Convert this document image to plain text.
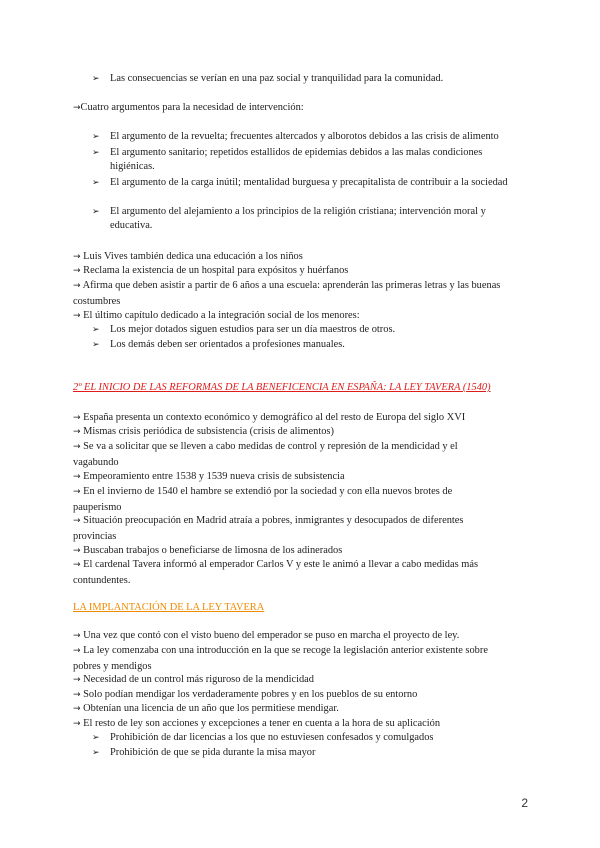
➢ Las consecuencias se verían en una paz social y tranquilidad para la comunidad.
→Cuatro argumentos para la necesidad de intervención:
➢ El argumento de la revuelta; frecuentes altercados y alborotos debidos a las crisis de alimento
➢ El argumento sanitario; repetidos estallidos de epidemias debidos a las malas condiciones higiénicas.
➢ El argumento de la carga inútil; mentalidad burguesa y precapitalista de contribuir a la sociedad
➢ El argumento del alejamiento a los principios de la religión cristiana; intervención moral y educativa.
→ Luis Vives también dedica una educación a los niños
→ Reclama la existencia de un hospital para expósitos y huérfanos
→ Afirma que deben asistir a partir de 6 años a una escuela: aprenderán las primeras letras y las buenas costumbres
→ El último capítulo dedicado a la integración social de los menores:
➢ Los mejor dotados siguen estudios para ser un día maestros de otros.
➢ Los demás deben ser orientados a profesiones manuales.
2º EL INICIO DE LAS REFORMAS DE LA BENEFICENCIA EN ESPAÑA: LA LEY TAVERA (1540)
→ España presenta un contexto económico y demográfico al del resto de Europa del siglo XVI
→ Mismas crisis periódica de subsistencia (crisis de alimentos)
→ Se va a solicitar que se lleven a cabo medidas de control y represión de la mendicidad y el vagabundo
→ Empeoramiento entre 1538 y 1539 nueva crisis de subsistencia
→ En el invierno de 1540 el hambre se extendió por la sociedad y con ella nuevos brotes de pauperismo
→ Situación preocupación en Madrid atraía a pobres, inmigrantes y desocupados de diferentes provincias
→ Buscaban trabajos o beneficiarse de limosna de los adinerados
→ El cardenal Tavera informó al emperador Carlos V y este le animó a llevar a cabo medidas más contundentes.
LA IMPLANTACIÓN DE LA LEY TAVERA
→ Una vez que contó con el visto bueno del emperador se puso en marcha el proyecto de ley.
→ La ley comenzaba con una introducción en la que se recoge la legislación anterior existente sobre pobres y mendigos
→ Necesidad de un control más riguroso de la mendicidad
→ Solo podían mendigar los verdaderamente pobres y en los pueblos de su entorno
→ Obtenían una licencia de un año que los permitiese mendigar.
→ El resto de ley son acciones y excepciones a tener en cuenta a la hora de su aplicación
➢ Prohibición de dar licencias a los que no estuviesen confesados y comulgados
➢ Prohibición de que se pida durante la misa mayor
2
